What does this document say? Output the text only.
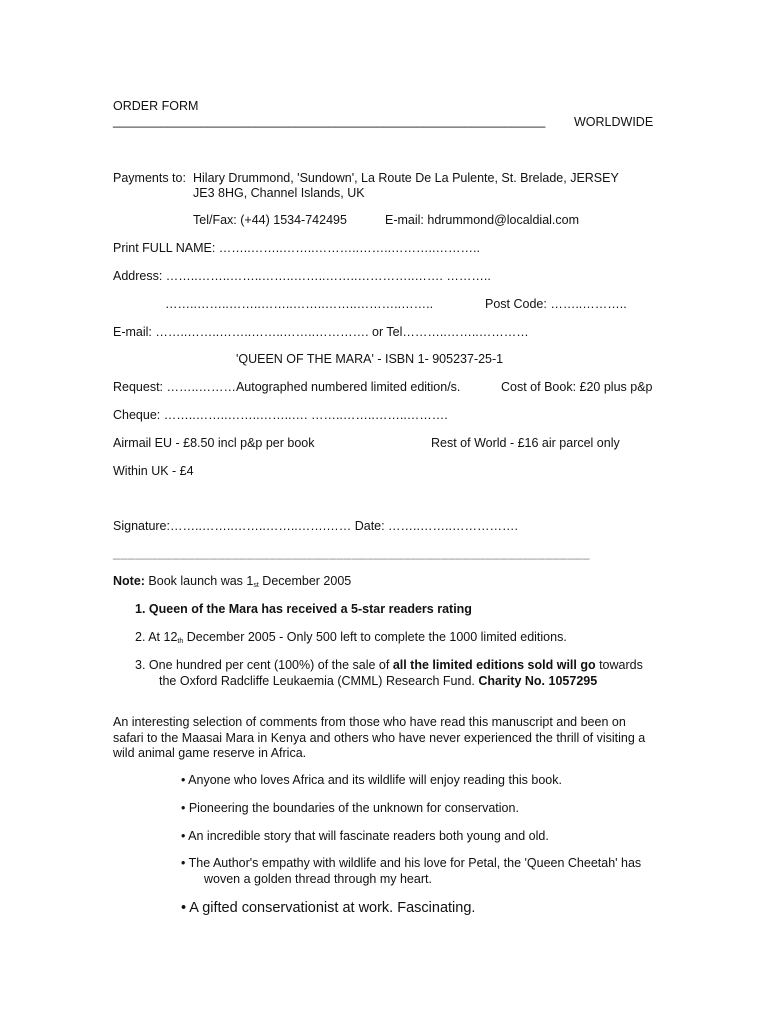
ORDER FORM
________________________________________________________________ WORLDWIDE
Payments to: Hilary Drummond, 'Sundown', La Route De La Pulente, St. Brelade, JERSEY
JE3 8HG, Channel Islands, UK
Tel/Fax: (+44) 1534-742495	E-mail: hdrummond@localdial.com
Print FULL NAME: ……..……..……..………..……..………..………..
Address: ……..……..……..……..……..……..…………..……. ………..
……..……..……..……..……..……..………..……..	Post Code: ……..………..
E-mail: ……..……..……..……..……..…………. or Tel………..……..…………
'QUEEN OF THE MARA' - ISBN 1- 905237-25-1
Request: ……..………Autographed numbered limited edition/s.	Cost of Book: £20 plus p&p
Cheque: ……..……..……..……..…. ……..……..……..……….
Airmail EU - £8.50 incl p&p per book	Rest of World - £16 air parcel only
Within UK - £4
Signature:……..……..……..……..…….…… Date: ……..……..…………….
________________________________________________________________
Note: Book launch was 1st December 2005
1. Queen of the Mara has received a 5-star readers rating
2. At 12th December 2005 - Only 500 left to complete the 1000 limited editions.
3. One hundred per cent (100%) of the sale of all the limited editions sold will go towards
the Oxford Radcliffe Leukaemia (CMML) Research Fund. Charity No. 1057295
An interesting selection of comments from those who have read this manuscript and been on
safari to the Maasai Mara in Kenya and others who have never experienced the thrill of visiting a
wild animal game reserve in Africa.
• Anyone who loves Africa and its wildlife will enjoy reading this book.
• Pioneering the boundaries of the unknown for conservation.
• An incredible story that will fascinate readers both young and old.
• The Author's empathy with wildlife and his love for Petal, the 'Queen Cheetah' has
woven a golden thread through my heart.
• A gifted conservationist at work. Fascinating.
